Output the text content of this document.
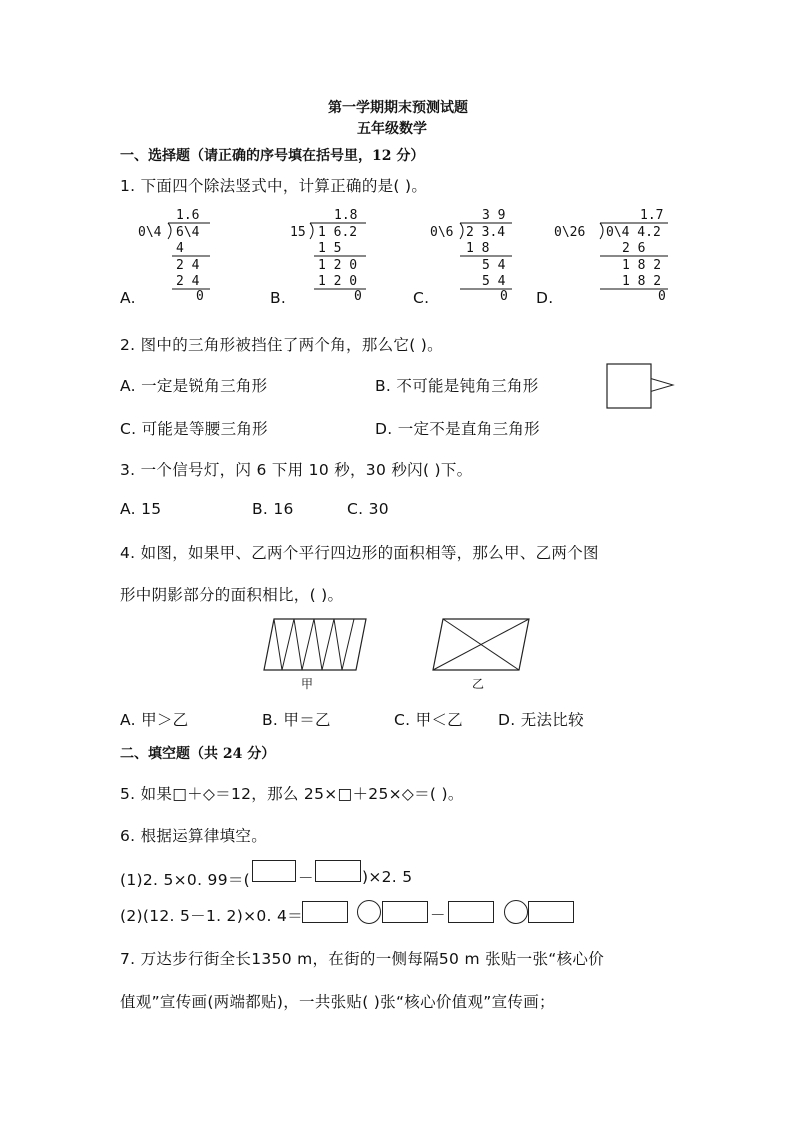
第一学期期末预测试题
五年级数学
一、选择题（请正确的序号填在括号里，12 分）
1. 下面四个除法竖式中，计算正确的是( )。
1.6
0\4 6\4
4
2 4
2 4
0
A.
1.8
15 1 6.2
1 5
1 2 0
1 2 0
0
B.
3 9
0\6 2 3.4
1 8
5 4
5 4
0
C.
1.7
0\26 0\4 4.2
2 6
1 8 2
1 8 2
0
D.
2. 图中的三角形被挡住了两个角，那么它( )。
A. 一定是锐角三角形	B. 不可能是钝角三角形
C. 可能是等腰三角形	D. 一定不是直角三角形
3. 一个信号灯，闪 6 下用 10 秒，30 秒闪( )下。
A. 15	B. 16	C. 30
4. 如图，如果甲、乙两个平行四边形的面积相等，那么甲、乙两个图
形中阴影部分的面积相比，( )。
甲	乙
A. 甲＞乙	B. 甲＝乙	C. 甲＜乙 D. 无法比较
二、填空题（共 24 分）
5. 如果□＋◇＝12，那么 25×□＋25×◇＝( )。
6. 根据运算律填空。
(1)2. 5×0. 99＝(	－	)×2. 5
(2)(12. 5－1. 2)×0. 4＝	－
7. 万达步行街全长1350 m，在街的一侧每隔50 m 张贴一张“核心价
值观”宣传画(两端都贴)，一共张贴( )张“核心价值观”宣传画；
